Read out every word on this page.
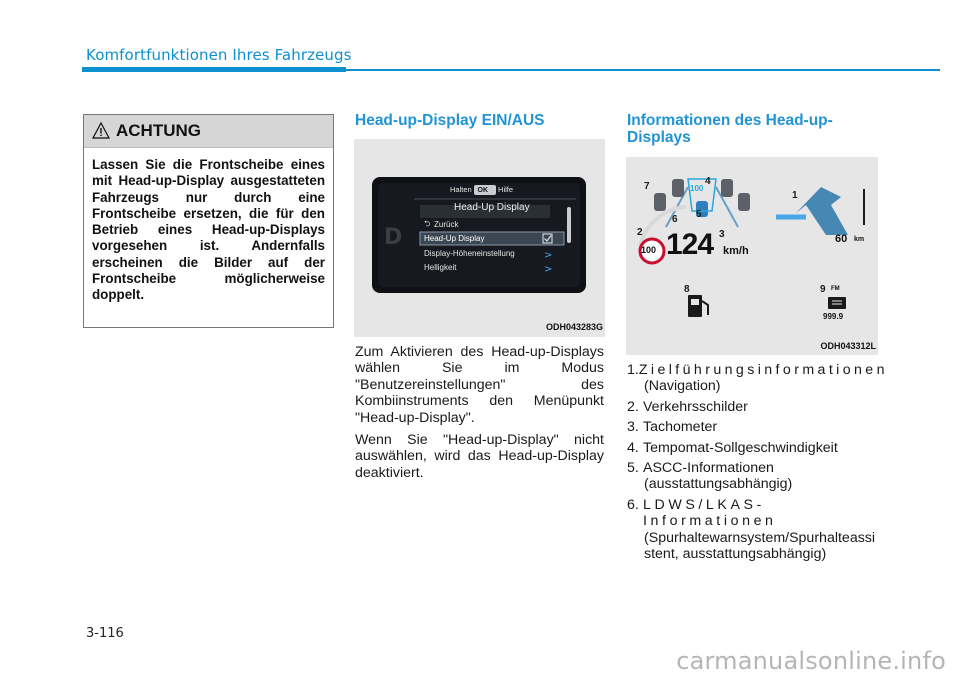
Komfortfunktionen Ihres Fahrzeugs
ACHTUNG
Lassen Sie die Frontscheibe eines mit Head-up-Display ausgestatteten Fahrzeugs nur durch eine Frontscheibe ersetzen, die für den Betrieb eines Head-up-Displays vorgesehen ist. Andernfalls erscheinen die Bilder auf der Frontscheibe möglicherweise doppelt.
Head-up-Display EIN/AUS
>
>
⮌
D
Halten OK : Hilfe
Head-Up Display
Zurück
Head-Up Display
Display-Höheneinstellung
Helligkeit
ODH043283G

Zum Aktivieren des Head-up-Displays wählen Sie im Modus "Benutzereinstellungen" des Kombiinstruments den Menüpunkt "Head-up-Display".

Wenn Sie "Head-up-Display" nicht auswählen, wird das Head-up-Display deaktiviert.

Informationen des Head-up-
Displays
100
100
124 km/h
60 km
FM
999.9
1
2	3
4
5
6
7
8	9
ODH043312L
1. Zielführungsinformationen
(Navigation)
2. Verkehrsschilder
3. Tachometer
4. Tempomat-Sollgeschwindigkeit
5. ASCC-Informationen
(ausstattungsabhängig)
6. LDWS/LKAS-Informationen
(Spurhaltewarnsystem/Spurhalteassistent, ausstattungsabhängig)
3-116
carmanualsonline.info
